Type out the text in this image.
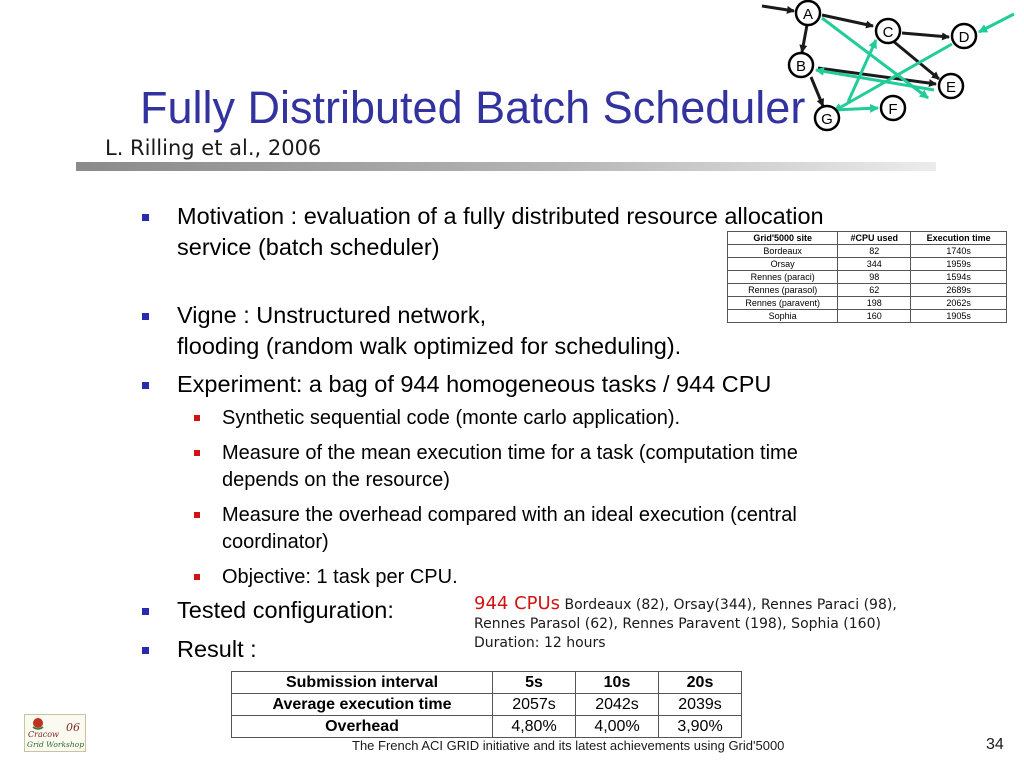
A
C	D
B
E
F
G
Fully Distributed Batch Scheduler
L. Rilling et al., 2006
Motivation : evaluation of a fully distributed resource allocation
service (batch scheduler)
Vigne : Unstructured network,
flooding (random walk optimized for scheduling).
Experiment: a bag of 944 homogeneous tasks / 944 CPU
Synthetic sequential code (monte carlo application).
Measure of the mean execution time for a task (computation time
depends on the resource)
Measure the overhead compared with an ideal execution (central
coordinator)
Objective: 1 task per CPU.
Tested configuration:
Result :
Grid'5000 site	#CPU used	Execution time
Bordeaux	82	1740s
Orsay	344	1959s
Rennes (paraci)	98	1594s
Rennes (parasol)	62	2689s
Rennes (paravent)	198	2062s
Sophia	160	1905s
944 CPUs Bordeaux (82), Orsay(344), Rennes Paraci (98),
Rennes Parasol (62), Rennes Paravent (198), Sophia (160)
Duration: 12 hours
Submission interval	5s	10s	20s
Average execution time	2057s	2042s	2039s
Overhead	4,80%	4,00%	3,90%
The French ACI GRID initiative and its latest achievements using Grid'5000	34
Cracow
06
Grid Workshop
